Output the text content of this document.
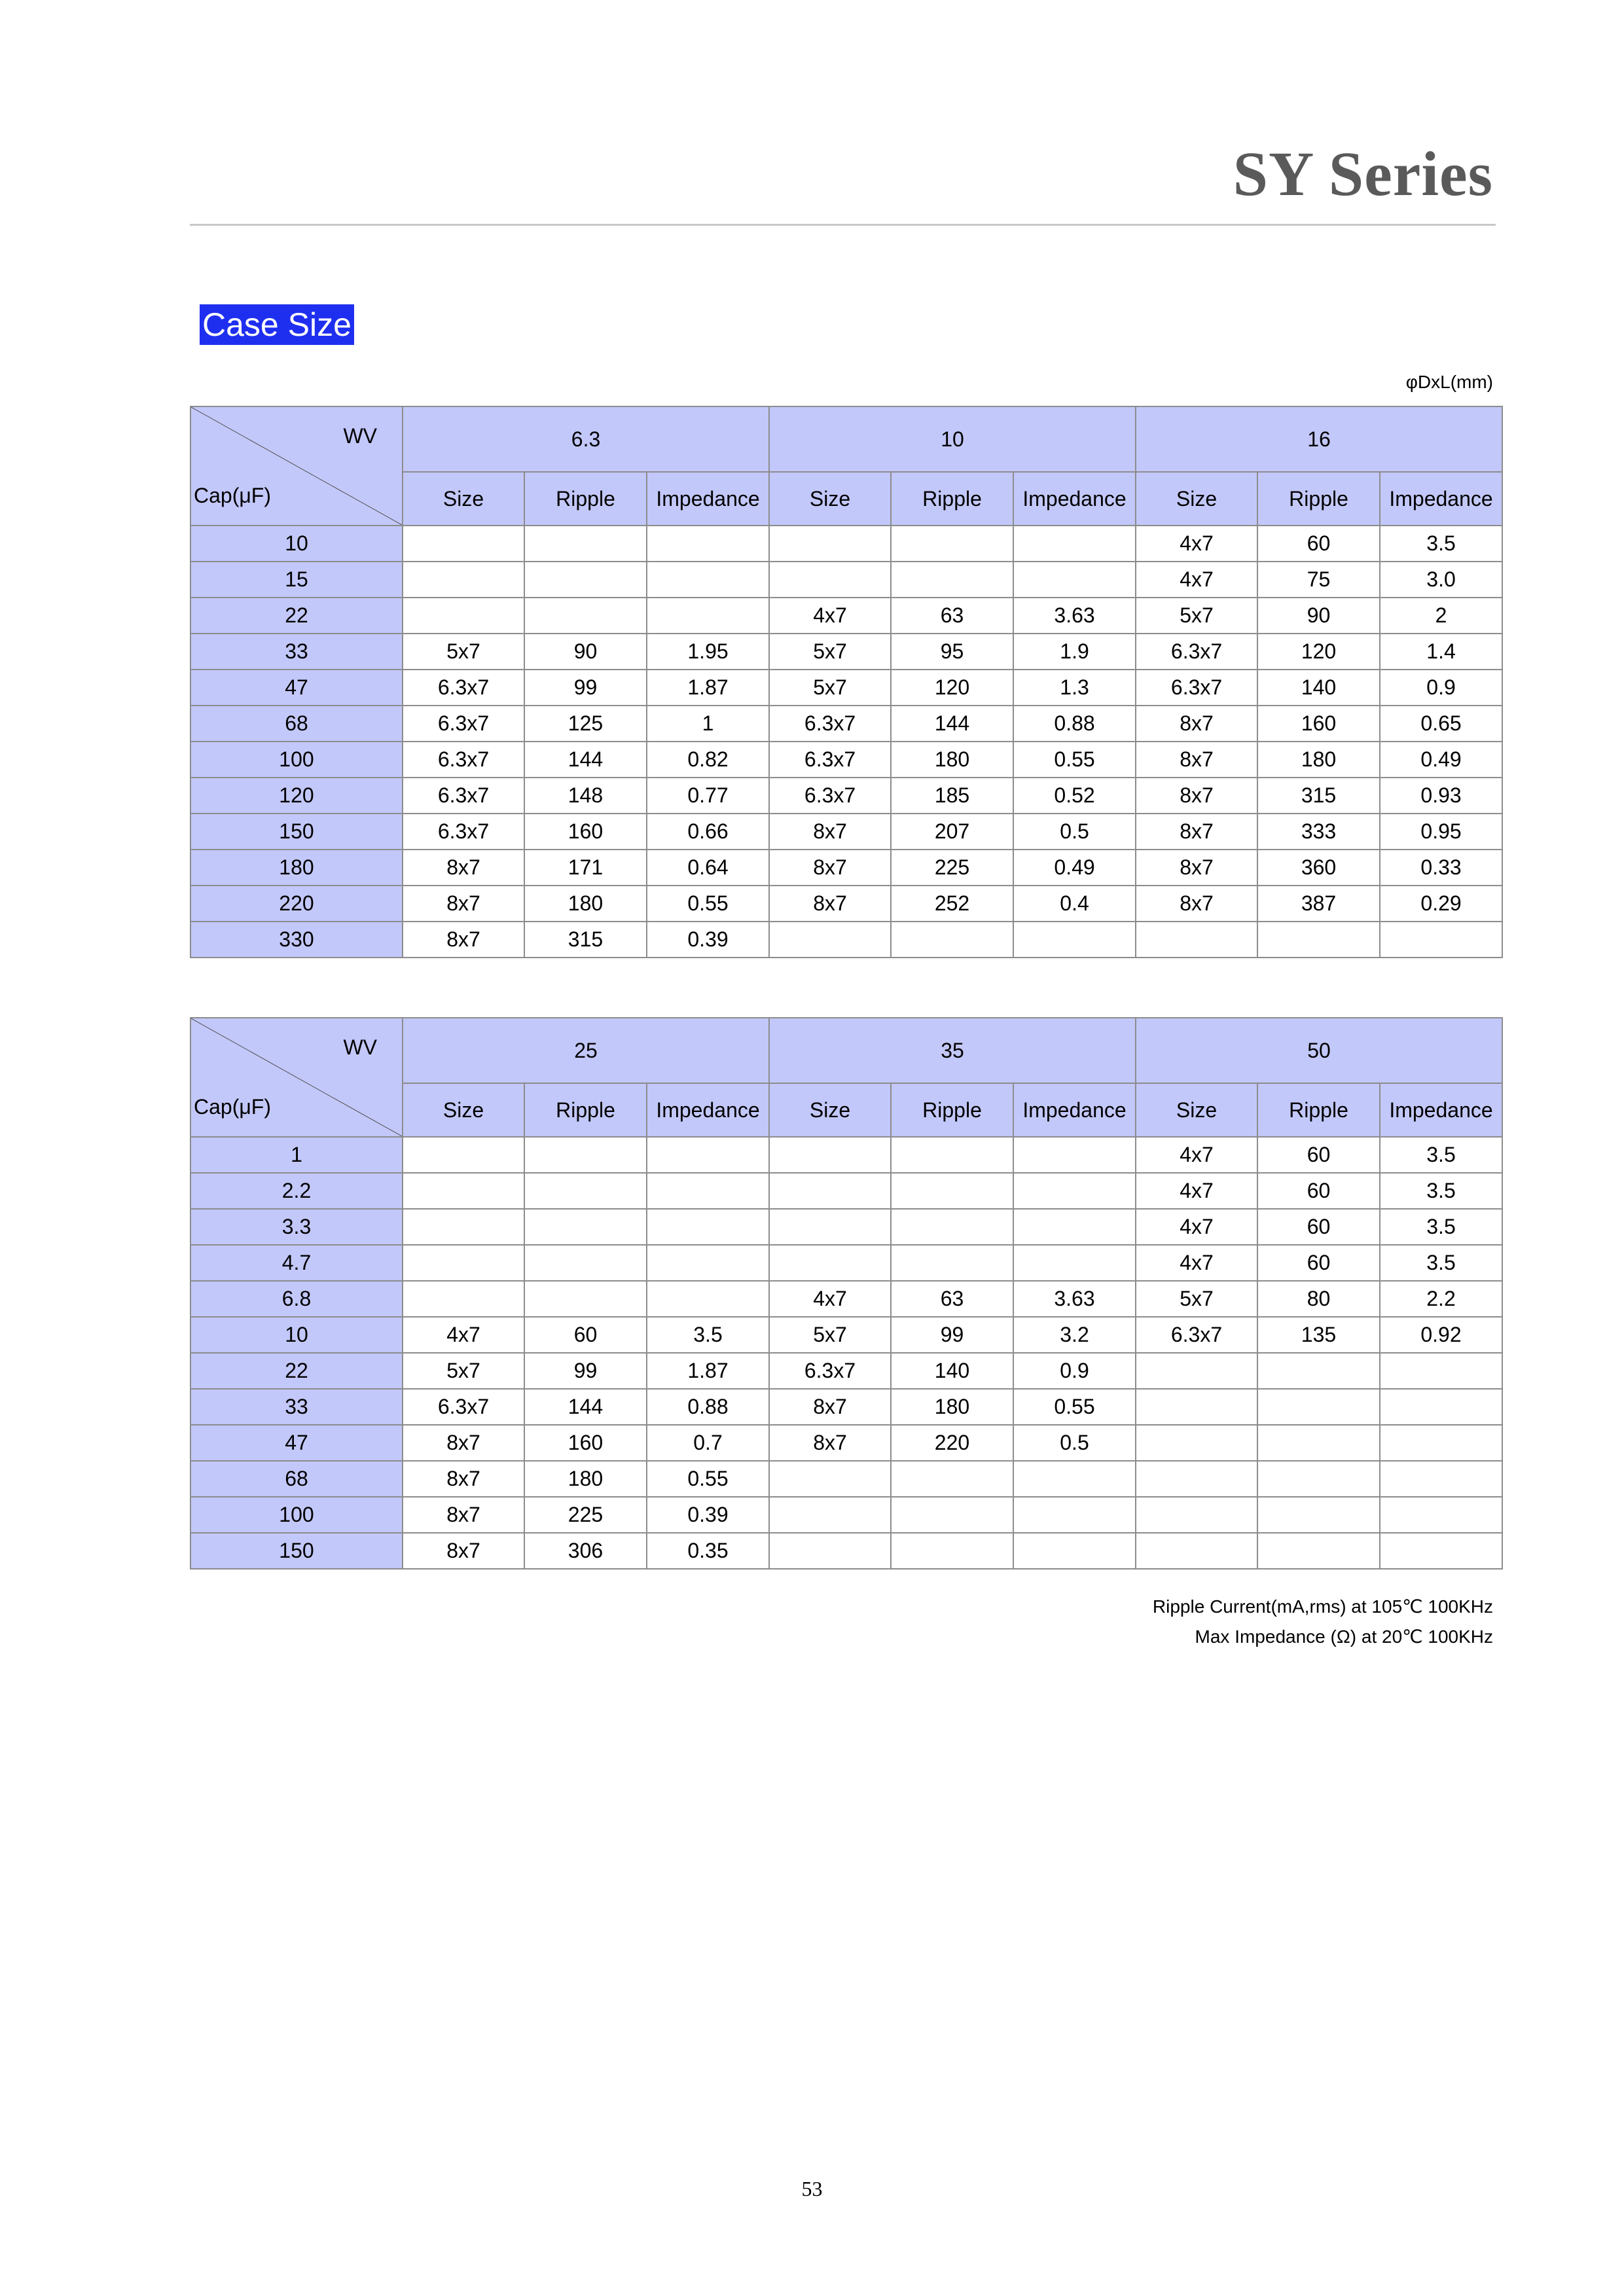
SY Series
Case Size
φDxL(mm)
WV
Cap(μF)	6.3			10			16		
	Size	Ripple	Impedance	Size	Ripple	Impedance	Size	Ripple	Impedance
10							4x7	60	3.5
15							4x7	75	3.0
22				4x7	63	3.63	5x7	90	2
33	5x7	90	1.95	5x7	95	1.9	6.3x7	120	1.4
47	6.3x7	99	1.87	5x7	120	1.3	6.3x7	140	0.9
68	6.3x7	125	1	6.3x7	144	0.88	8x7	160	0.65
100	6.3x7	144	0.82	6.3x7	180	0.55	8x7	180	0.49
120	6.3x7	148	0.77	6.3x7	185	0.52	8x7	315	0.93
150	6.3x7	160	0.66	8x7	207	0.5	8x7	333	0.95
180	8x7	171	0.64	8x7	225	0.49	8x7	360	0.33
220	8x7	180	0.55	8x7	252	0.4	8x7	387	0.29
330	8x7	315	0.39						
WV
Cap(μF)	25			35			50		
	Size	Ripple	Impedance	Size	Ripple	Impedance	Size	Ripple	Impedance
1							4x7	60	3.5
2.2							4x7	60	3.5
3.3							4x7	60	3.5
4.7							4x7	60	3.5
6.8				4x7	63	3.63	5x7	80	2.2
10	4x7	60	3.5	5x7	99	3.2	6.3x7	135	0.92
22	5x7	99	1.87	6.3x7	140	0.9			
33	6.3x7	144	0.88	8x7	180	0.55			
47	8x7	160	0.7	8x7	220	0.5			
68	8x7	180	0.55						
100	8x7	225	0.39						
150	8x7	306	0.35						
Ripple Current(mA,rms) at 105℃ 100KHz
Max Impedance (Ω) at 20℃ 100KHz
53
